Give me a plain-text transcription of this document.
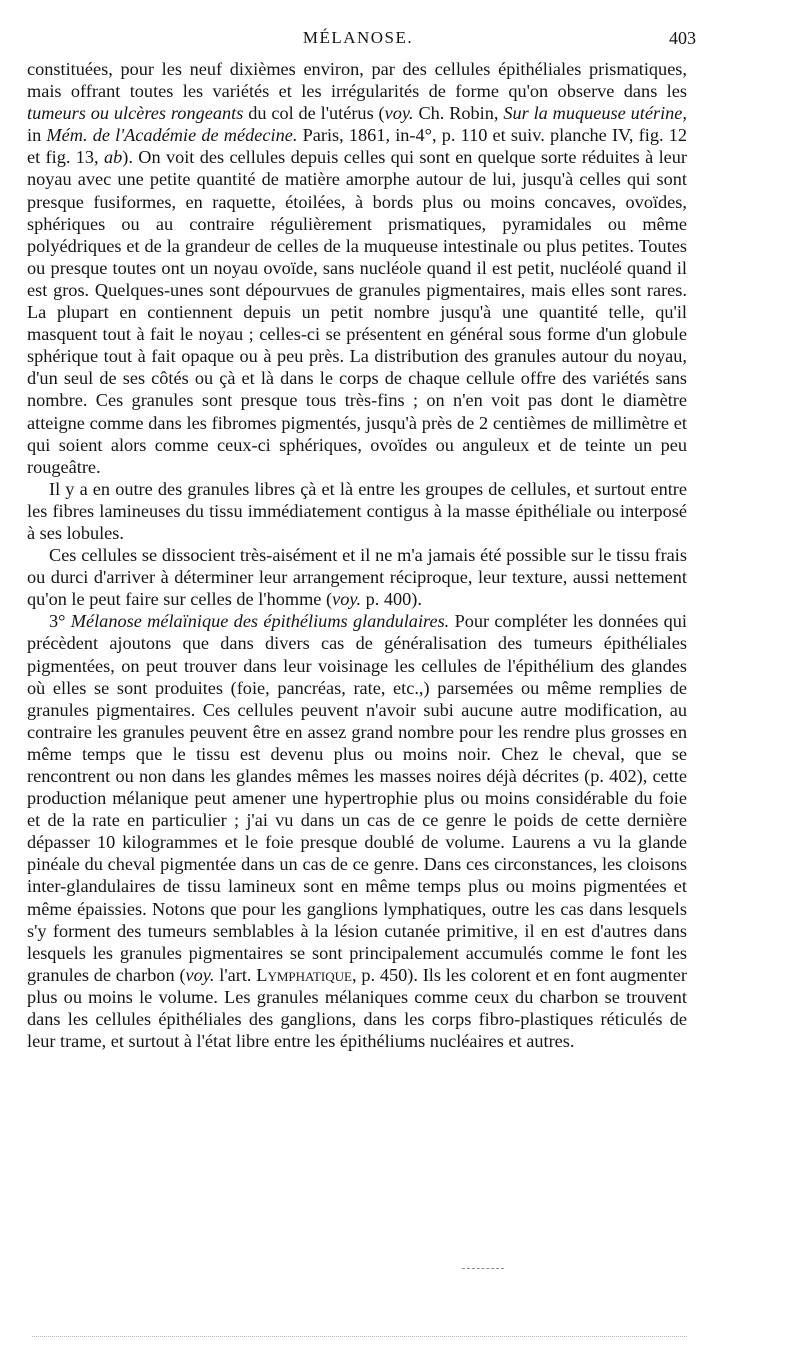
MÉLANOSE.	403

constituées, pour les neuf dixièmes environ, par des cellules épithéliales prismatiques, mais offrant toutes les variétés et les irrégularités de forme qu'on observe dans les tumeurs ou ulcères rongeants du col de l'utérus (voy. Ch. Robin, Sur la muqueuse utérine, in Mém. de l'Académie de médecine. Paris, 1861, in-4°, p. 110 et suiv. planche IV, fig. 12 et fig. 13, ab). On voit des cellules depuis celles qui sont en quelque sorte réduites à leur noyau avec une petite quantité de matière amorphe autour de lui, jusqu'à celles qui sont presque fusiformes, en raquette, étoilées, à bords plus ou moins concaves, ovoïdes, sphériques ou au contraire régulièrement prismatiques, pyramidales ou même polyédriques et de la grandeur de celles de la muqueuse intestinale ou plus petites. Toutes ou presque toutes ont un noyau ovoïde, sans nucléole quand il est petit, nucléolé quand il est gros. Quelques-unes sont dépourvues de granules pigmentaires, mais elles sont rares. La plupart en contiennent depuis un petit nombre jusqu'à une quantité telle, qu'il masquent tout à fait le noyau ; celles-ci se présentent en général sous forme d'un globule sphérique tout à fait opaque ou à peu près. La distribution des granules autour du noyau, d'un seul de ses côtés ou çà et là dans le corps de chaque cellule offre des variétés sans nombre. Ces granules sont presque tous très-fins ; on n'en voit pas dont le diamètre atteigne comme dans les fibromes pigmentés, jusqu'à près de 2 centièmes de millimètre et qui soient alors comme ceux-ci sphériques, ovoïdes ou anguleux et de teinte un peu rougeâtre.

Il y a en outre des granules libres çà et là entre les groupes de cellules, et surtout entre les fibres lamineuses du tissu immédiatement contigus à la masse épithéliale ou interposé à ses lobules.

Ces cellules se dissocient très-aisément et il ne m'a jamais été possible sur le tissu frais ou durci d'arriver à déterminer leur arrangement réciproque, leur texture, aussi nettement qu'on le peut faire sur celles de l'homme (voy. p. 400).

3° Mélanose mélaïnique des épithéliums glandulaires. Pour compléter les données qui précèdent ajoutons que dans divers cas de généralisation des tumeurs épithéliales pigmentées, on peut trouver dans leur voisinage les cellules de l'épithélium des glandes où elles se sont produites (foie, pancréas, rate, etc.,) parsemées ou même remplies de granules pigmentaires. Ces cellules peuvent n'avoir subi aucune autre modification, au contraire les granules peuvent être en assez grand nombre pour les rendre plus grosses en même temps que le tissu est devenu plus ou moins noir. Chez le cheval, que se rencontrent ou non dans les glandes mêmes les masses noires déjà décrites (p. 402), cette production mélanique peut amener une hypertrophie plus ou moins considérable du foie et de la rate en particulier ; j'ai vu dans un cas de ce genre le poids de cette dernière dépasser 10 kilogrammes et le foie presque doublé de volume. Laurens a vu la glande pinéale du cheval pigmentée dans un cas de ce genre. Dans ces circonstances, les cloisons inter-glandulaires de tissu lamineux sont en même temps plus ou moins pigmentées et même épaissies. Notons que pour les ganglions lymphatiques, outre les cas dans lesquels s'y forment des tumeurs semblables à la lésion cutanée primitive, il en est d'autres dans lesquels les granules pigmentaires se sont principalement accumulés comme le font les granules de charbon (voy. l'art. Lymphatique, p. 450). Ils les colorent et en font augmenter plus ou moins le volume. Les granules mélaniques comme ceux du charbon se trouvent dans les cellules épithéliales des ganglions, dans les corps fibro-plastiques réticulés de leur trame, et surtout à l'état libre entre les épithéliums nucléaires et autres.
